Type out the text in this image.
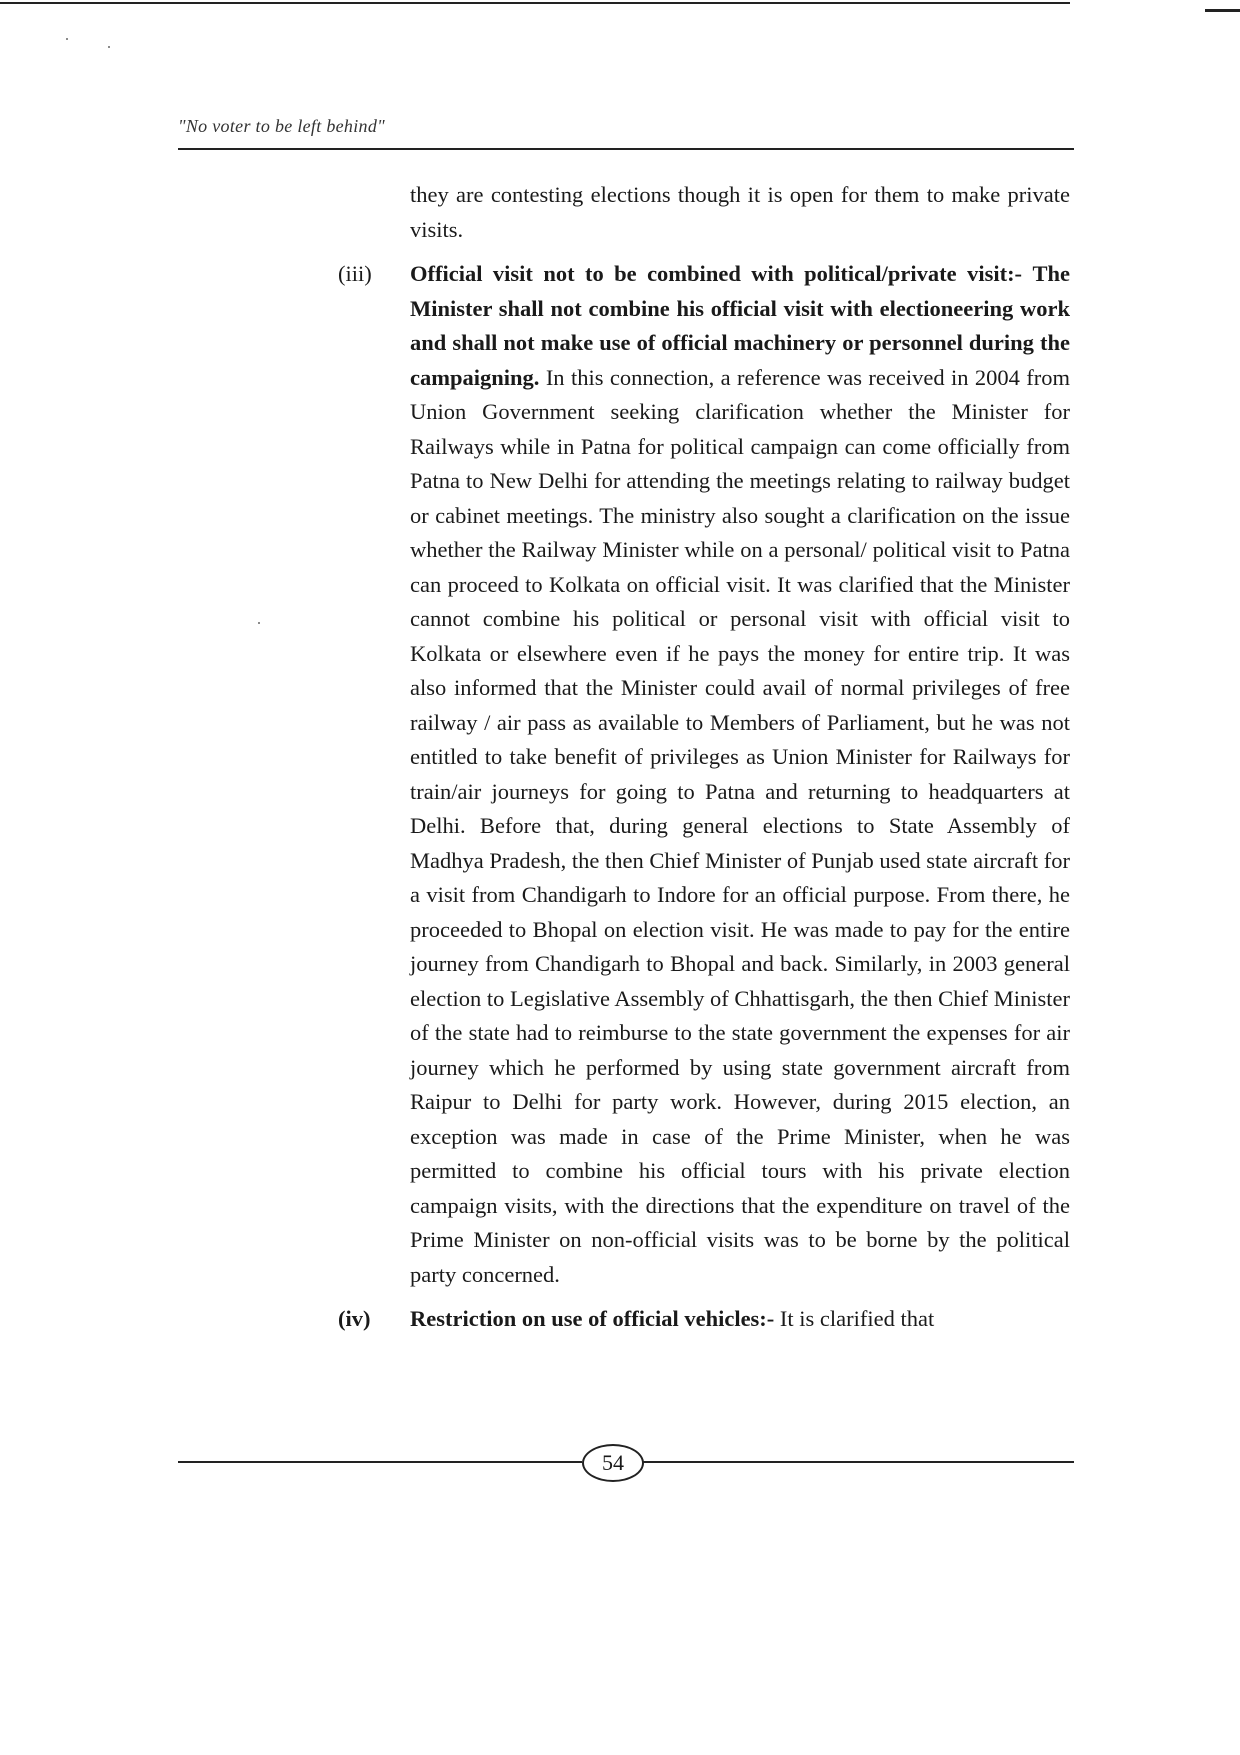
"No voter to be left behind"

they are contesting elections though it is open for them to make private visits.

(iii)	Official visit not to be combined with political/private visit:- The Minister shall not combine his official visit with electioneering work and shall not make use of official machinery or personnel during the campaigning. In this connection, a reference was received in 2004 from Union Government seeking clarification whether the Minister for Railways while in Patna for political campaign can come officially from Patna to New Delhi for attending the meetings relating to railway budget or cabinet meetings. The ministry also sought a clarification on the issue whether the Railway Minister while on a personal/ political visit to Patna can proceed to Kolkata on official visit. It was clarified that the Minister cannot combine his political or personal visit with official visit to Kolkata or elsewhere even if he pays the money for entire trip. It was also informed that the Minister could avail of normal privileges of free railway / air pass as available to Members of Parliament, but he was not entitled to take benefit of privileges as Union Minister for Railways for train/air journeys for going to Patna and returning to headquarters at Delhi. Before that, during general elections to State Assembly of Madhya Pradesh, the then Chief Minister of Punjab used state aircraft for a visit from Chandigarh to Indore for an official purpose. From there, he proceeded to Bhopal on election visit. He was made to pay for the entire journey from Chandigarh to Bhopal and back. Similarly, in 2003 general election to Legislative Assembly of Chhattisgarh, the then Chief Minister of the state had to reimburse to the state government the expenses for air journey which he performed by using state government aircraft from Raipur to Delhi for party work. However, during 2015 election, an exception was made in case of the Prime Minister, when he was permitted to combine his official tours with his private election campaign visits, with the directions that the expenditure on travel of the Prime Minister on non-official visits was to be borne by the political party concerned.

(iv)	Restriction on use of official vehicles:- It is clarified that

54
